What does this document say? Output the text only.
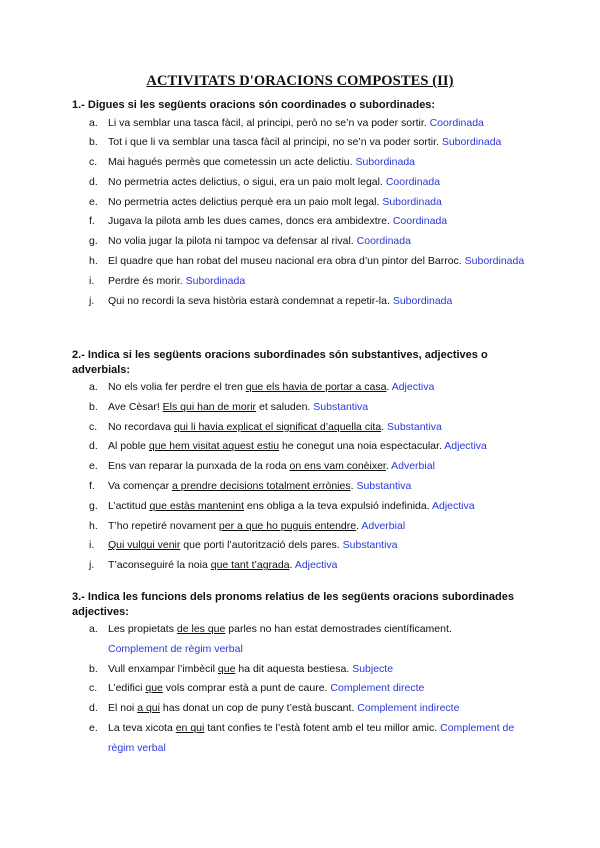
ACTIVITATS D'ORACIONS COMPOSTES (II)
1.- Digues si les següents oracions són coordinades o subordinades:
a. Li va semblar una tasca fàcil, al principi, però no se’n va poder sortir. Coordinada
b. Tot i que li va semblar una tasca fàcil al principi, no se’n va poder sortir. Subordinada
c. Mai hagués permès que cometessin un acte delictiu. Subordinada
d. No permetria actes delictius, o sigui, era un paio molt legal. Coordinada
e. No permetria actes delictius perquè era un paio molt legal. Subordinada
f. Jugava la pilota amb les dues cames, doncs era ambidextre. Coordinada
g. No volia jugar la pilota ni tampoc va defensar al rival. Coordinada
h. El quadre que han robat del museu nacional era obra d’un pintor del Barroc. Subordinada
i. Perdre és morir. Subordinada
j. Qui no recordi la seva història estarà condemnat a repetir-la. Subordinada
2.- Indica si les següents oracions subordinades són substantives, adjectives o adverbials:
a. No els volia fer perdre el tren que els havia de portar a casa. Adjectiva
b. Ave Cèsar! Els qui han de morir et saluden. Substantiva
c. No recordava qui li havia explicat el significat d’aquella cita. Substantiva
d. Al poble que hem visitat aquest estiu he conegut una noia espectacular. Adjectiva
e. Ens van reparar la punxada de la roda on ens vam conèixer. Adverbial
f. Va començar a prendre decisions totalment errònies. Substantiva
g. L’actitud que estàs mantenint ens obliga a la teva expulsió indefinida. Adjectiva
h. T’ho repetiré novament per a que ho puguis entendre. Adverbial
i. Qui vulgui venir que porti l’autorització dels pares. Substantiva
j. T’aconseguiré la noia que tant t’agrada. Adjectiva
3.- Indica les funcions dels pronoms relatius de les següents oracions subordinades adjectives:
a. Les propietats de les que parles no han estat demostrades científicament.
Complement de règim verbal
b. Vull enxampar l’imbècil que ha dit aquesta bestiesa. Subjecte
c. L’edifici que vols comprar està a punt de caure. Complement directe
d. El noi a qui has donat un cop de puny t’està buscant. Complement indirecte
e. La teva xicota en qui tant confies te l’està fotent amb el teu millor amic. Complement de règim verbal
